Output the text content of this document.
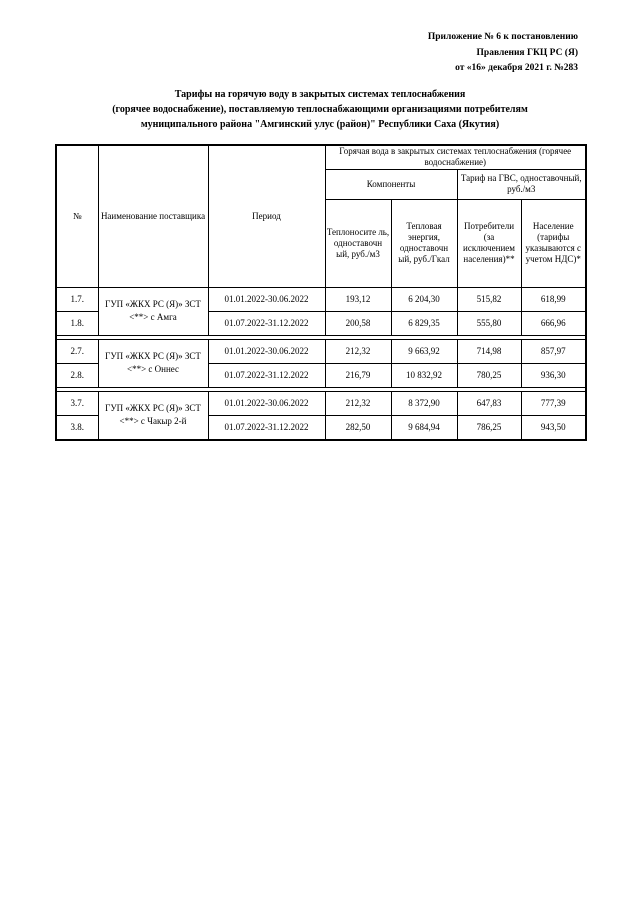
Приложение № 6 к постановлению
Правления ГКЦ РС (Я)
от «16» декабря 2021 г. №283
Тарифы на горячую воду в закрытых системах теплоснабжения
(горячее водоснабжение), поставляемую теплоснабжающими организациями потребителям
муниципального района "Амгинский улус (район)" Республики Саха (Якутия)
№	Наименование поставщика	Период	Горячая вода в закрытых системах теплоснабжения (горячее водоснабжение)			
			Компоненты		Тариф на ГВС, одноставочный, руб./м3	
			Теплоносите ль, одноставочн ый, руб./м3	Тепловая энергия, одноставочн ый, руб./Гкал	Потребители (за исключением населения)**	Население (тарифы указываются с учетом НДС)*
1.7.	ГУП «ЖКХ РС (Я)» ЗСТ <**> с Амга	01.01.2022-30.06.2022	193,12	6 204,30	515,82	618,99
1.8.		01.07.2022-31.12.2022	200,58	6 829,35	555,80	666,96

2.7.	ГУП «ЖКХ РС (Я)» ЗСТ <**> с Оннес	01.01.2022-30.06.2022	212,32	9 663,92	714,98	857,97
2.8.		01.07.2022-31.12.2022	216,79	10 832,92	780,25	936,30

3.7.	ГУП «ЖКХ РС (Я)» ЗСТ <**> с Чакыр 2-й	01.01.2022-30.06.2022	212,32	8 372,90	647,83	777,39
3.8.		01.07.2022-31.12.2022	282,50	9 684,94	786,25	943,50
